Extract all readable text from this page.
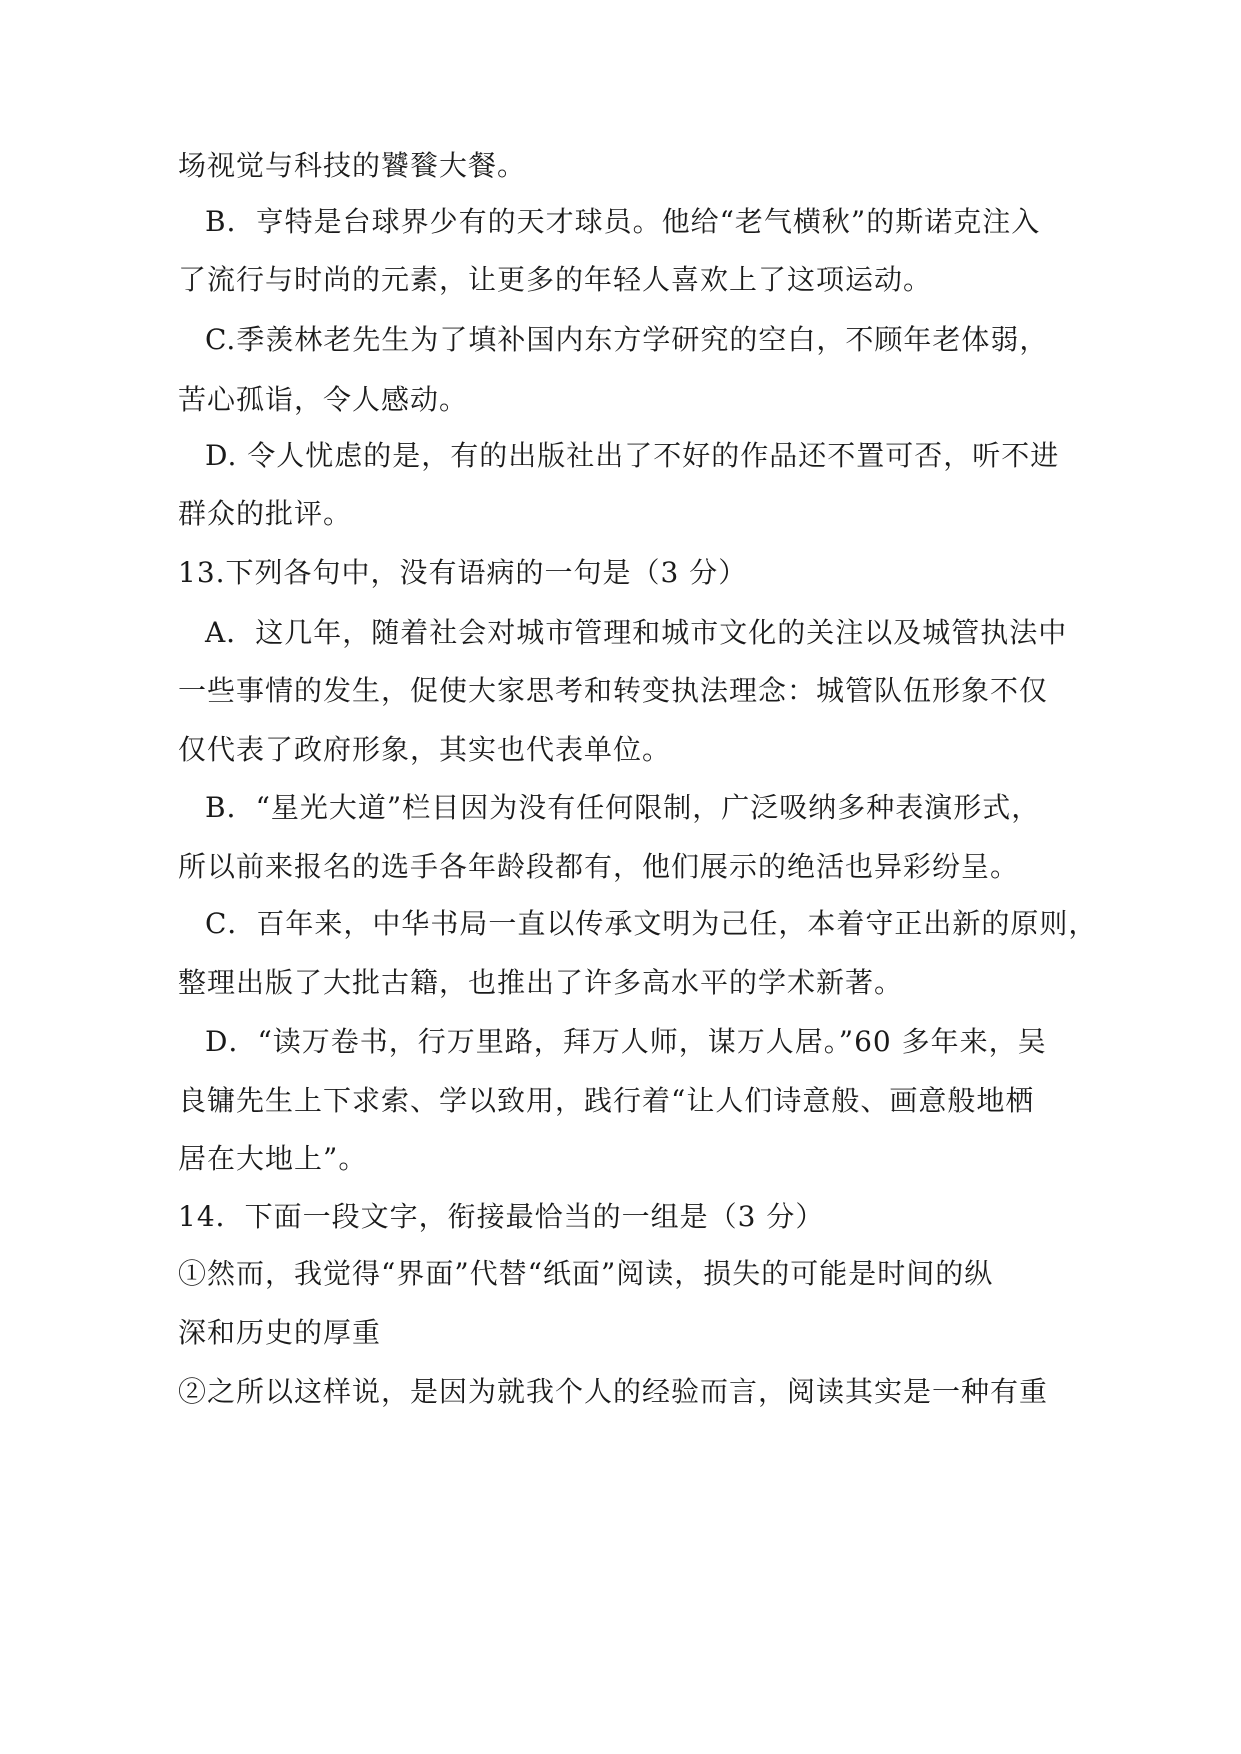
场视觉与科技的饕餮大餐。
B．亨特是台球界少有的天才球员。他给“老气横秋”的斯诺克注入
了流行与时尚的元素，让更多的年轻人喜欢上了这项运动。
C.季羡林老先生为了填补国内东方学研究的空白，不顾年老体弱，
苦心孤诣，令人感动。
D. 令人忧虑的是，有的出版社出了不好的作品还不置可否，听不进
群众的批评。
13.下列各句中，没有语病的一句是（3 分）
A．这几年，随着社会对城市管理和城市文化的关注以及城管执法中
一些事情的发生，促使大家思考和转变执法理念：城管队伍形象不仅
仅代表了政府形象，其实也代表单位。
B．“星光大道”栏目因为没有任何限制，广泛吸纳多种表演形式，
所以前来报名的选手各年龄段都有，他们展示的绝活也异彩纷呈。
C．百年来，中华书局一直以传承文明为己任，本着守正出新的原则，
整理出版了大批古籍，也推出了许多高水平的学术新著。
D．“读万卷书，行万里路，拜万人师，谋万人居。”60 多年来，吴
良镛先生上下求索、学以致用，践行着“让人们诗意般、画意般地栖
居在大地上”。
14．下面一段文字，衔接最恰当的一组是（3 分）
①然而，我觉得“界面”代替“纸面”阅读，损失的可能是时间的纵
深和历史的厚重
②之所以这样说，是因为就我个人的经验而言，阅读其实是一种有重
